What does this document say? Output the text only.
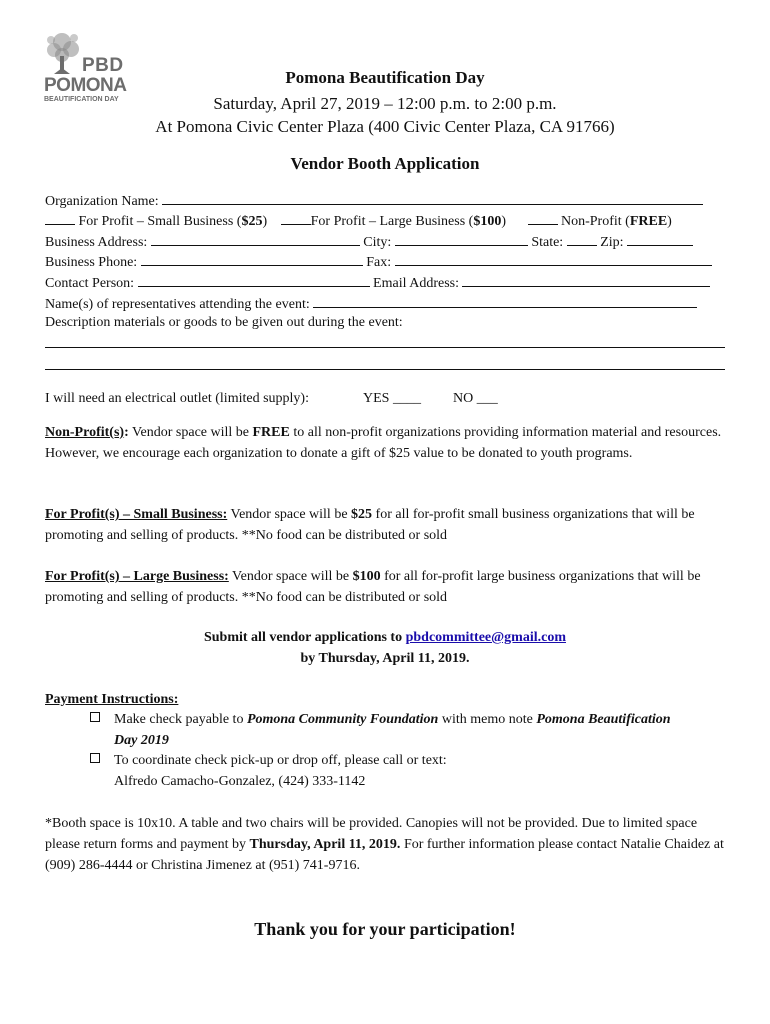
PBD
POMONA
BEAUTIFICATION DAY
Pomona Beautification Day
Saturday, April 27, 2019 – 12:00 p.m. to 2:00 p.m.
At Pomona Civic Center Plaza (400 Civic Center Plaza, CA 91766)
Vendor Booth Application
Organization Name:
For Profit – Small Business ($25)	For Profit – Large Business ($100)	Non-Profit (FREE)
Business Address:	City:	State:	Zip:
Business Phone:	Fax:
Contact Person:	Email Address:
Name(s) of representatives attending the event:
Description materials or goods to be given out during the event:
I will need an electrical outlet (limited supply):	YES ____ NO ___
Non-Profit(s): Vendor space will be FREE to all non-profit organizations providing information material and resources. However, we encourage each organization to donate a gift of $25 value to be donated to youth programs.
For Profit(s) – Small Business: Vendor space will be $25 for all for-profit small business organizations that will be promoting and selling of products. **No food can be distributed or sold
For Profit(s) – Large Business: Vendor space will be $100 for all for-profit large business organizations that will be promoting and selling of products. **No food can be distributed or sold
Submit all vendor applications to pbdcommittee@gmail.com
by Thursday, April 11, 2019.
Payment Instructions:
Make check payable to Pomona Community Foundation with memo note Pomona Beautification
Day 2019
To coordinate check pick-up or drop off, please call or text:
Alfredo Camacho-Gonzalez, (424) 333-1142
*Booth space is 10x10. A table and two chairs will be provided. Canopies will not be provided. Due to limited space please return forms and payment by Thursday, April 11, 2019. For further information please contact Natalie Chaidez at (909) 286-4444 or Christina Jimenez at (951) 741-9716.
Thank you for your participation!
